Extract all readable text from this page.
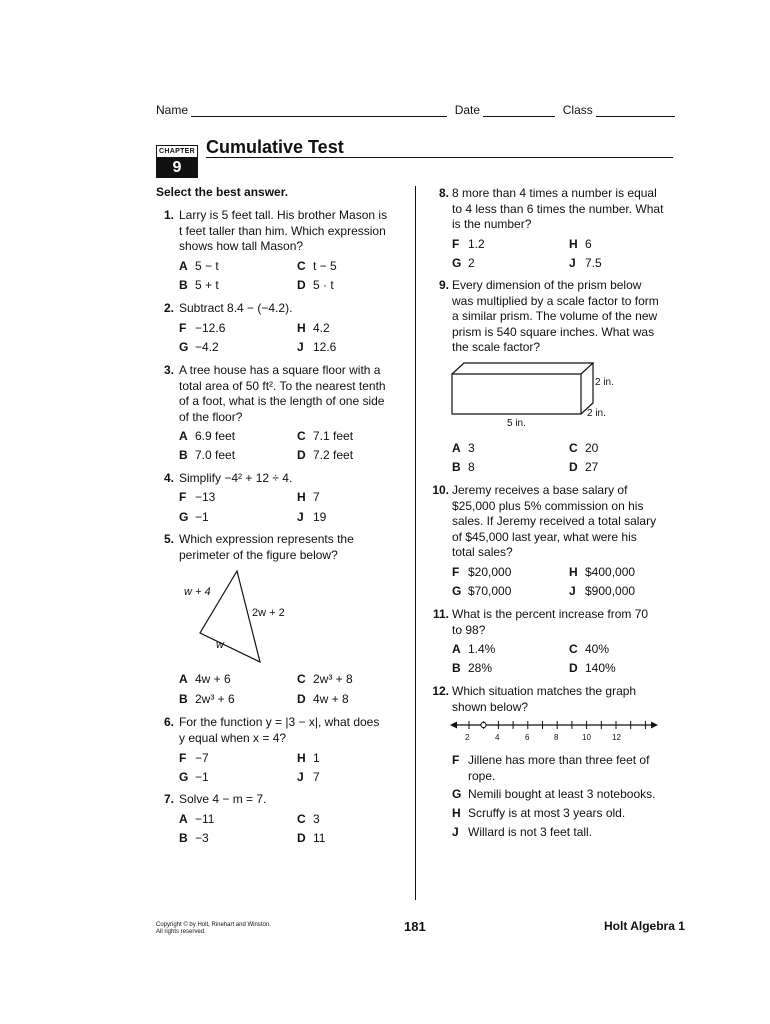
Name	Date	Class
CHAPTER
9
Cumulative Test
Select the best answer.
1. Larry is 5 feet tall. His brother Mason is
t feet taller than him. Which expression
shows how tall Mason?
A 5 − t	C t − 5
B 5 + t	D 5 · t
2. Subtract 8.4 − (−4.2).
F −12.6	H 4.2
G −4.2	J 12.6
3. A tree house has a square floor with a
total area of 50 ft². To the nearest tenth
of a foot, what is the length of one side
of the floor?
A 6.9 feet	C 7.1 feet
B 7.0 feet	D 7.2 feet
4. Simplify −4² + 12 ÷ 4.
F −13	H 7
G −1	J 19
5. Which expression represents the
perimeter of the figure below?
w + 4
2w + 2
w
A 4w + 6	C 2w³ + 8
B 2w³ + 6	D 4w + 8
6. For the function y = |3 − x|, what does
y equal when x = 4?
F −7	H 1
G −1	J 7
7. Solve 4 − m = 7.
A −11	C 3
B −3	D 11
8. 8 more than 4 times a number is equal
to 4 less than 6 times the number. What
is the number?
F 1.2	H 6
G 2	J 7.5
9. Every dimension of the prism below
was multiplied by a scale factor to form
a similar prism. The volume of the new
prism is 540 square inches. What was
the scale factor?
2 in.
2 in.
5 in.
A 3	C 20
B 8	D 27
10. Jeremy receives a base salary of
$25,000 plus 5% commission on his
sales. If Jeremy received a total salary
of $45,000 last year, what were his
total sales?
F $20,000	H $400,000
G $70,000	J $900,000
11. What is the percent increase from 70
to 98?
A 1.4%	C 40%
B 28%	D 140%
12. Which situation matches the graph
shown below?
2	4	6	8	10	12
F Jillene has more than three feet of
rope.
G Nemili bought at least 3 notebooks.
H Scruffy is at most 3 years old.
J Willard is not 3 feet tall.
Copyright © by Holt, Rinehart and Winston.
All rights reserved.	181	Holt Algebra 1
